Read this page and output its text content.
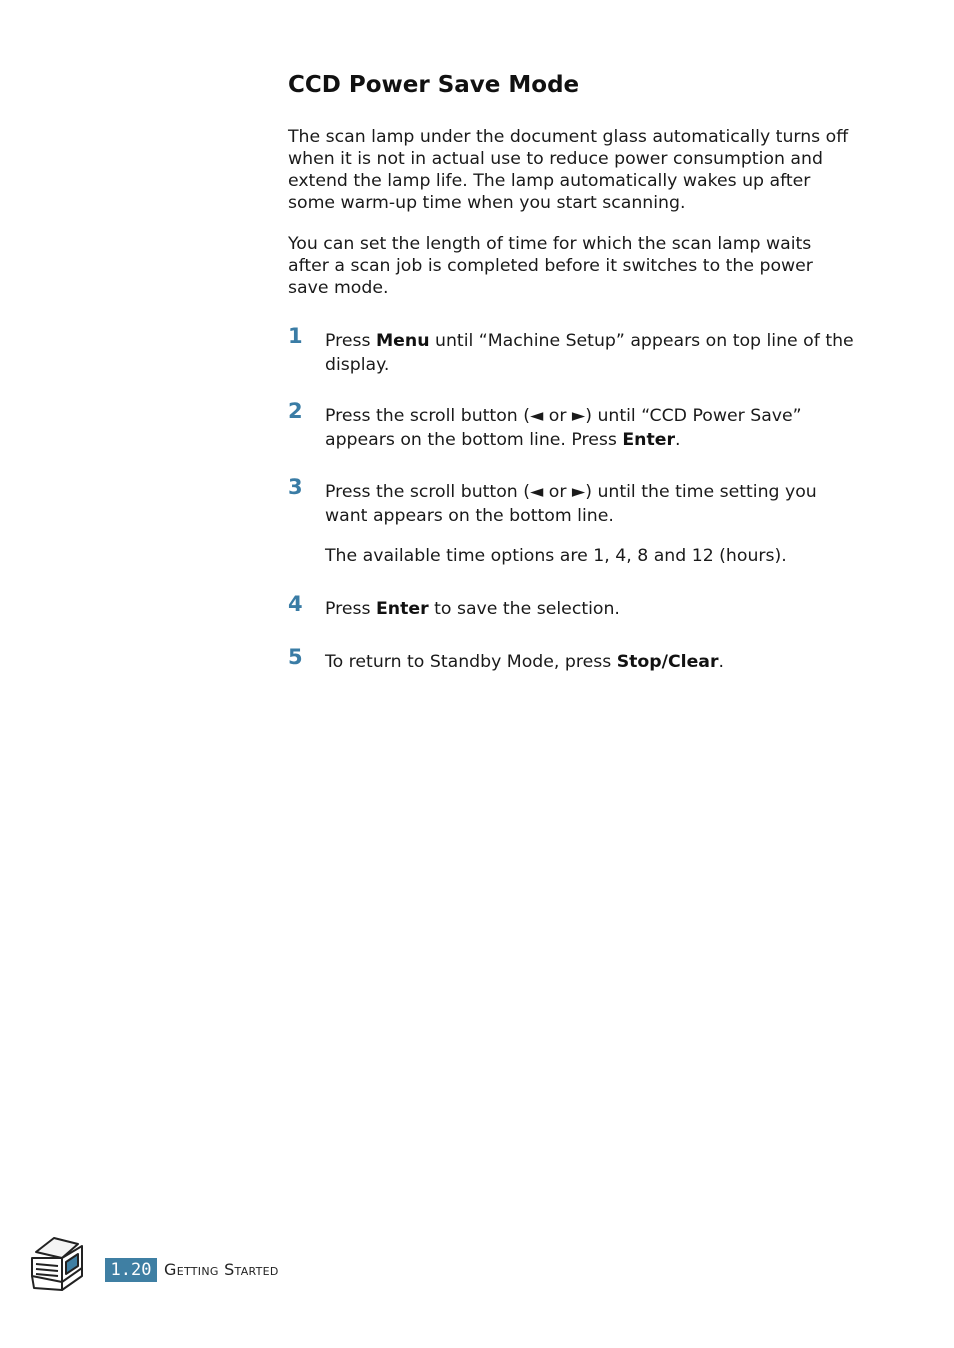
CCD Power Save Mode

The scan lamp under the document glass automatically turns off when it is not in actual use to reduce power consumption and extend the lamp life. The lamp automatically wakes up after some warm-up time when you start scanning.

You can set the length of time for which the scan lamp waits after a scan job is completed before it switches to the power save mode.

1 Press Menu until “Machine Setup” appears on top line of the display.
2 Press the scroll button (◄ or ►) until “CCD Power Save” appears on the bottom line. Press Enter.
3 Press the scroll button (◄ or ►) until the time setting you want appears on the bottom line.
The available time options are 1, 4, 8 and 12 (hours).
4 Press Enter to save the selection.
5 To return to Standby Mode, press Stop/Clear.
1.20 Getting Started
